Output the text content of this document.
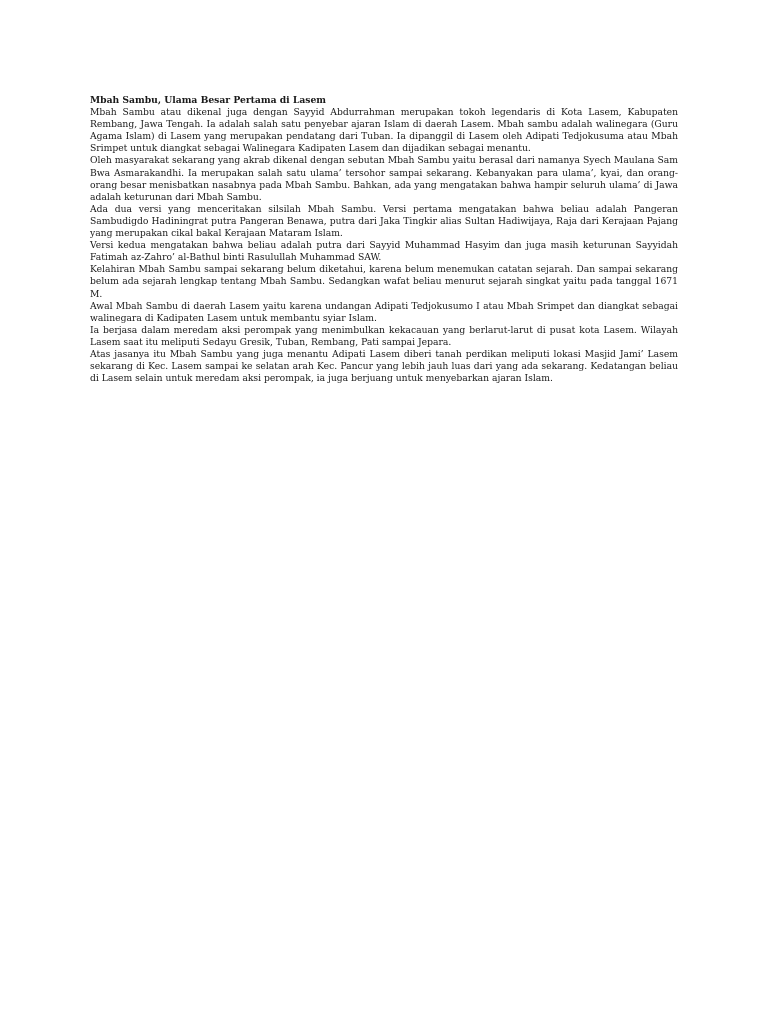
Mbah Sambu, Ulama Besar Pertama di Lasem

Mbah Sambu atau dikenal juga dengan Sayyid Abdurrahman merupakan tokoh legendaris di Kota Lasem, Kabupaten Rembang, Jawa Tengah. Ia adalah salah satu penyebar ajaran Islam di daerah Lasem. Mbah sambu adalah walinegara (Guru Agama Islam) di Lasem yang merupakan pendatang dari Tuban. Ia dipanggil di Lasem oleh Adipati Tedjokusuma atau Mbah Srimpet untuk diangkat sebagai Walinegara Kadipaten Lasem dan dijadikan sebagai menantu.

Oleh masyarakat sekarang yang akrab dikenal dengan sebutan Mbah Sambu yaitu berasal dari namanya Syech Maulana Sam Bwa Asmarakandhi. Ia merupakan salah satu ulama’ tersohor sampai sekarang. Kebanyakan para ulama’, kyai, dan orang-orang besar menisbatkan nasabnya pada Mbah Sambu. Bahkan, ada yang mengatakan bahwa hampir seluruh ulama’ di Jawa adalah keturunan dari Mbah Sambu.

Ada dua versi yang menceritakan silsilah Mbah Sambu. Versi pertama mengatakan bahwa beliau adalah Pangeran Sambudigdo Hadiningrat putra Pangeran Benawa, putra dari Jaka Tingkir alias Sultan Hadiwijaya, Raja dari Kerajaan Pajang yang merupakan cikal bakal Kerajaan Mataram Islam.

Versi kedua mengatakan bahwa beliau adalah putra dari Sayyid Muhammad Hasyim dan juga masih keturunan Sayyidah Fatimah az-Zahro’ al-Bathul binti Rasulullah Muhammad SAW.

Kelahiran Mbah Sambu sampai sekarang belum diketahui, karena belum menemukan catatan sejarah. Dan sampai sekarang belum ada sejarah lengkap tentang Mbah Sambu. Sedangkan wafat beliau menurut sejarah singkat yaitu pada tanggal 1671 M.

Awal Mbah Sambu di daerah Lasem yaitu karena undangan Adipati Tedjokusumo I atau Mbah Srimpet dan diangkat sebagai walinegara di Kadipaten Lasem untuk membantu syiar Islam.

Ia berjasa dalam meredam aksi perompak yang menimbulkan kekacauan yang berlarut-larut di pusat kota Lasem. Wilayah Lasem saat itu meliputi Sedayu Gresik, Tuban, Rembang, Pati sampai Jepara.

Atas jasanya itu Mbah Sambu yang juga menantu Adipati Lasem diberi tanah perdikan meliputi lokasi Masjid Jami’ Lasem sekarang di Kec. Lasem sampai ke selatan arah Kec. Pancur yang lebih jauh luas dari yang ada sekarang. Kedatangan beliau di Lasem selain untuk meredam aksi perompak, ia juga berjuang untuk menyebarkan ajaran Islam.
